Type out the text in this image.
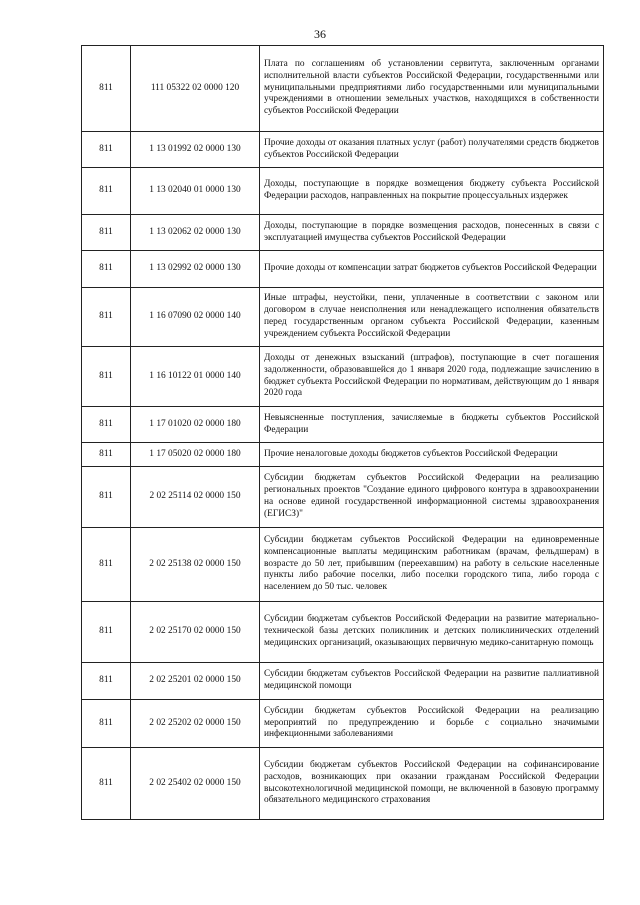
36
811	111 05322 02 0000 120	Плата по соглашениям об установлении сервитута, заключенным органами исполнительной власти субъектов Российской Федерации, государственными или муниципальными предприятиями либо государственными или муниципальными учреждениями в отношении земельных участков, находящихся в собственности субъектов Российской Федерации
811	1 13 01992 02 0000 130	Прочие доходы от оказания платных услуг (работ) получателями средств бюджетов субъектов Российской Федерации
811	1 13 02040 01 0000 130	Доходы, поступающие в порядке возмещения бюджету субъекта Российской Федерации расходов, направленных на покрытие процессуальных издержек
811	1 13 02062 02 0000 130	Доходы, поступающие в порядке возмещения расходов, понесенных в связи с эксплуатацией имущества субъектов Российской Федерации
811	1 13 02992 02 0000 130	Прочие доходы от компенсации затрат бюджетов субъектов Российской Федерации
811	1 16 07090 02 0000 140	Иные штрафы, неустойки, пени, уплаченные в соответствии с законом или договором в случае неисполнения или ненадлежащего исполнения обязательств перед государственным органом субъекта Российской Федерации, казенным учреждением субъекта Российской Федерации
811	1 16 10122 01 0000 140	Доходы от денежных взысканий (штрафов), поступающие в счет погашения задолженности, образовавшейся до 1 января 2020 года, подлежащие зачислению в бюджет субъекта Российской Федерации по нормативам, действующим до 1 января 2020 года
811	1 17 01020 02 0000 180	Невыясненные поступления, зачисляемые в бюджеты субъектов Российской Федерации
811	1 17 05020 02 0000 180	Прочие неналоговые доходы бюджетов субъектов Российской Федерации
811	2 02 25114 02 0000 150	Субсидии бюджетам субъектов Российской Федерации на реализацию региональных проектов "Создание единого цифрового контура в здравоохранении на основе единой государственной информационной системы здравоохранения (ЕГИСЗ)"
811	2 02 25138 02 0000 150	Субсидии бюджетам субъектов Российской Федерации на единовременные компенсационные выплаты медицинским работникам (врачам, фельдшерам) в возрасте до 50 лет, прибывшим (переехавшим) на работу в сельские населенные пункты либо рабочие поселки, либо поселки городского типа, либо города с населением до 50 тыс. человек
811	2 02 25170 02 0000 150	Субсидии бюджетам субъектов Российской Федерации на развитие материально-технической базы детских поликлиник и детских поликлинических отделений медицинских организаций, оказывающих первичную медико-санитарную помощь
811	2 02 25201 02 0000 150	Субсидии бюджетам субъектов Российской Федерации на развитие паллиативной медицинской помощи
811	2 02 25202 02 0000 150	Субсидии бюджетам субъектов Российской Федерации на реализацию мероприятий по предупреждению и борьбе с социально значимыми инфекционными заболеваниями
811	2 02 25402 02 0000 150	Субсидии бюджетам субъектов Российской Федерации на софинансирование расходов, возникающих при оказании гражданам Российской Федерации высокотехнологичной медицинской помощи, не включенной в базовую программу обязательного медицинского страхования
